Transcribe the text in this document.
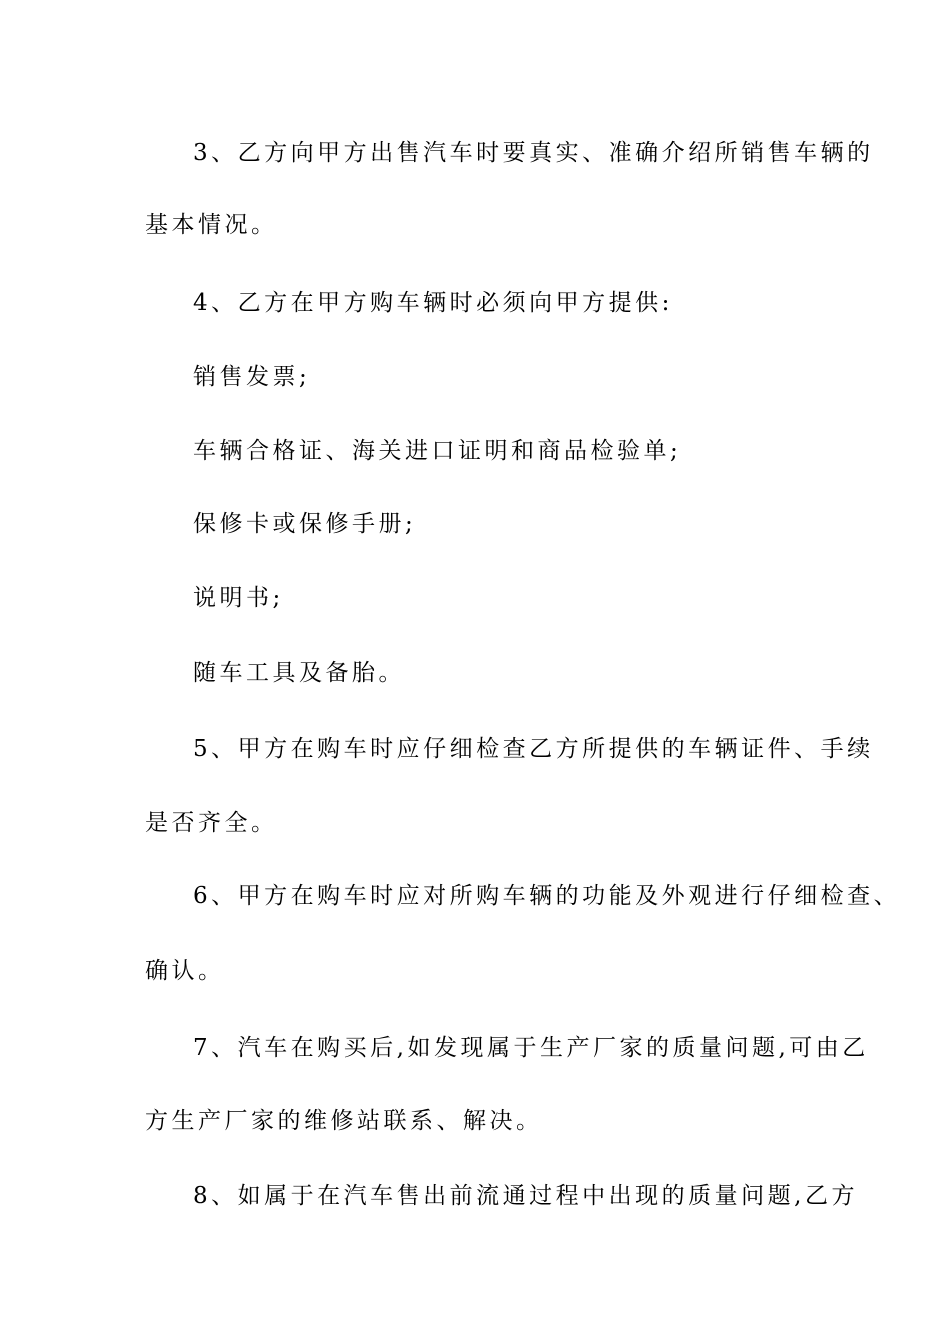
3、乙方向甲方出售汽车时要真实、准确介绍所销售车辆的
基本情况。
4、乙方在甲方购车辆时必须向甲方提供:
销售发票;
车辆合格证、海关进口证明和商品检验单;
保修卡或保修手册;
说明书;
随车工具及备胎。
5、甲方在购车时应仔细检查乙方所提供的车辆证件、手续
是否齐全。
6、甲方在购车时应对所购车辆的功能及外观进行仔细检查、
确认。
7、汽车在购买后,如发现属于生产厂家的质量问题,可由乙
方生产厂家的维修站联系、解决。
8、如属于在汽车售出前流通过程中出现的质量问题,乙方
